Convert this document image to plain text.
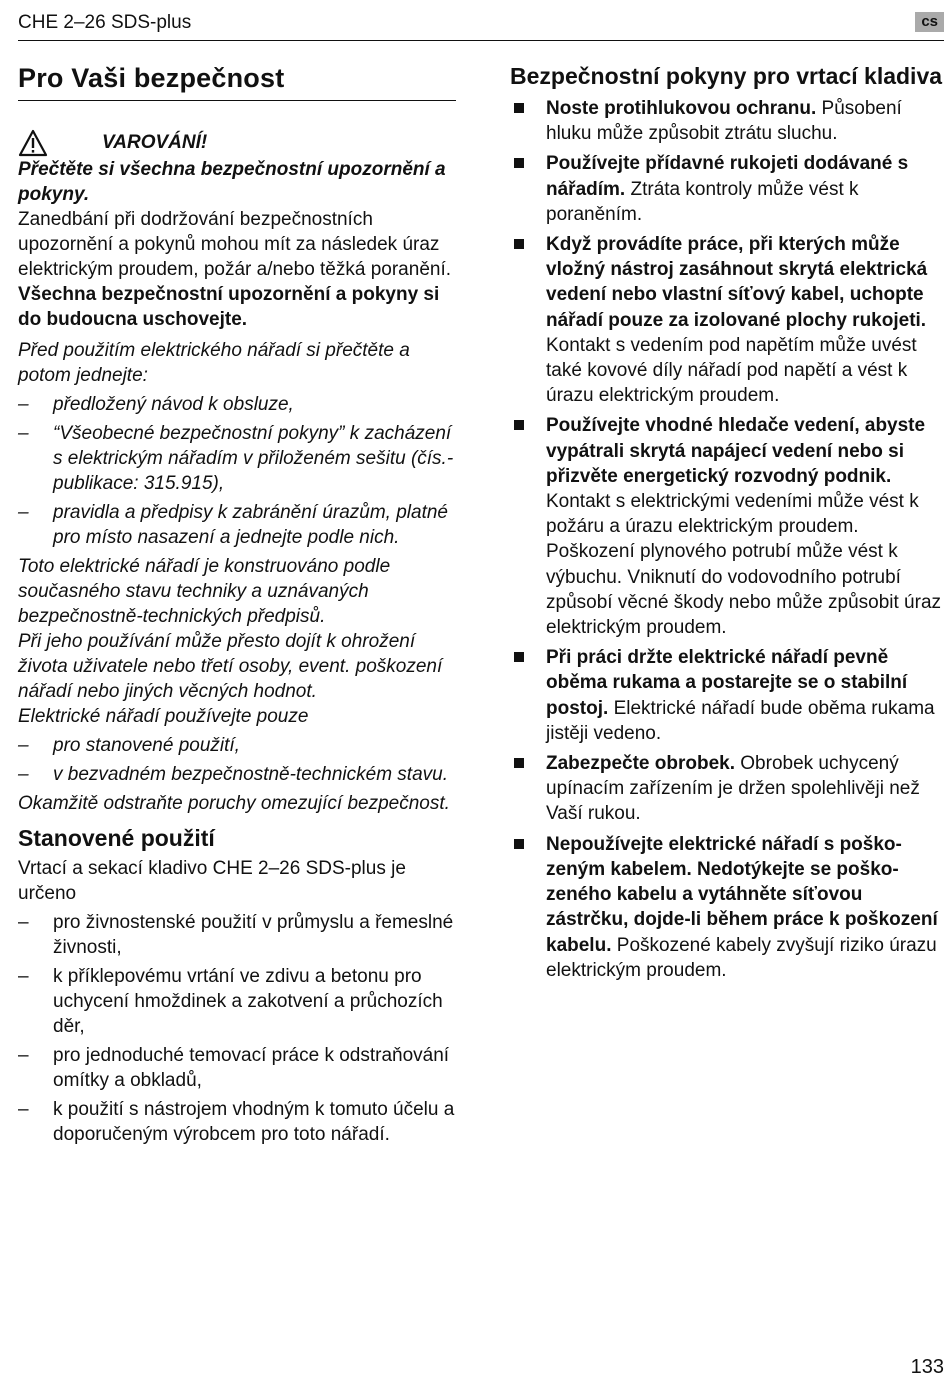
CHE 2–26 SDS-plus	cs
Pro Vaši bezpečnost
VAROVÁNÍ!

Přečtěte si všechna bezpečnostní upozornění a pokyny.

Zanedbání při dodržování bezpečnostních upozornění a pokynů mohou mít za následek úraz elektrickým proudem, požár a/nebo těžká poranění. Všechna bezpečnostní upozornění a pokyny si do budoucna uschovejte.

Před použitím elektrického nářadí si přečtěte a potom jednejte:

– předložený návod k obsluze,
– “Všeobecné bezpečnostní pokyny” k zacházení s elektrickým nářadím v přiloženém sešitu (čís.-publikace: 315.915),
– pravidla a předpisy k zabránění úrazům, platné pro místo nasazení a jednejte podle nich.

Toto elektrické nářadí je konstruováno podle současného stavu techniky a uznávaných bezpečnostně-technických předpisů.

Při jeho používání může přesto dojít k ohrožení života uživatele nebo třetí osoby, event. poškození nářadí nebo jiných věcných hodnot.

Elektrické nářadí používejte pouze

– pro stanovené použití,
– v bezvadném bezpečnostně-technickém stavu.

Okamžitě odstraňte poruchy omezující bezpečnost.

Stanovené použití

Vrtací a sekací kladivo CHE 2–26 SDS-plus je určeno

– pro živnostenské použití v průmyslu a řemeslné živnosti,
– k příklepovému vrtání ve zdivu a betonu pro uchycení hmoždinek a zakotvení a průchozích děr,
– pro jednoduché temovací práce k odstraňování omítky a obkladů,
– k použití s nástrojem vhodným k tomuto účelu a doporučeným výrobcem pro toto nářadí.
Bezpečnostní pokyny pro vrtací kladiva
Noste protihlukovou ochranu. Působení hluku může způsobit ztrátu sluchu.
Používejte přídavné rukojeti dodávané s nářadím. Ztráta kontroly může vést k poraněním.
Když provádíte práce, při kterých může vložný nástroj zasáhnout skrytá elektrická vedení nebo vlastní síťový kabel, uchopte nářadí pouze za izolované plochy rukojeti. Kontakt s vedením pod napětím může uvést také kovové díly nářadí pod napětí a vést k úrazu elektrickým proudem.
Používejte vhodné hledače vedení, abyste vypátrali skrytá napájecí vedení nebo si přizvěte energetický rozvodný podnik. Kontakt s elektrickými vedeními může vést k požáru a úrazu elektrickým proudem. Poškození plynového potrubí může vést k výbuchu. Vniknutí do vodovodního potrubí způsobí věcné škody nebo může způsobit úraz elektrickým proudem.
Při práci držte elektrické nářadí pevně oběma rukama a postarejte se o stabilní postoj. Elektrické nářadí bude oběma rukama jistěji vedeno.
Zabezpečte obrobek. Obrobek uchycený upínacím zařízením je držen spolehlivěji než Vaší rukou.
Nepoužívejte elektrické nářadí s poškozeným kabelem. Nedotýkejte se poškozeného kabelu a vytáhněte síťovou zástrčku, dojde-li během práce k poškození kabelu. Poškozené kabely zvyšují riziko úrazu elektrickým proudem.
133
